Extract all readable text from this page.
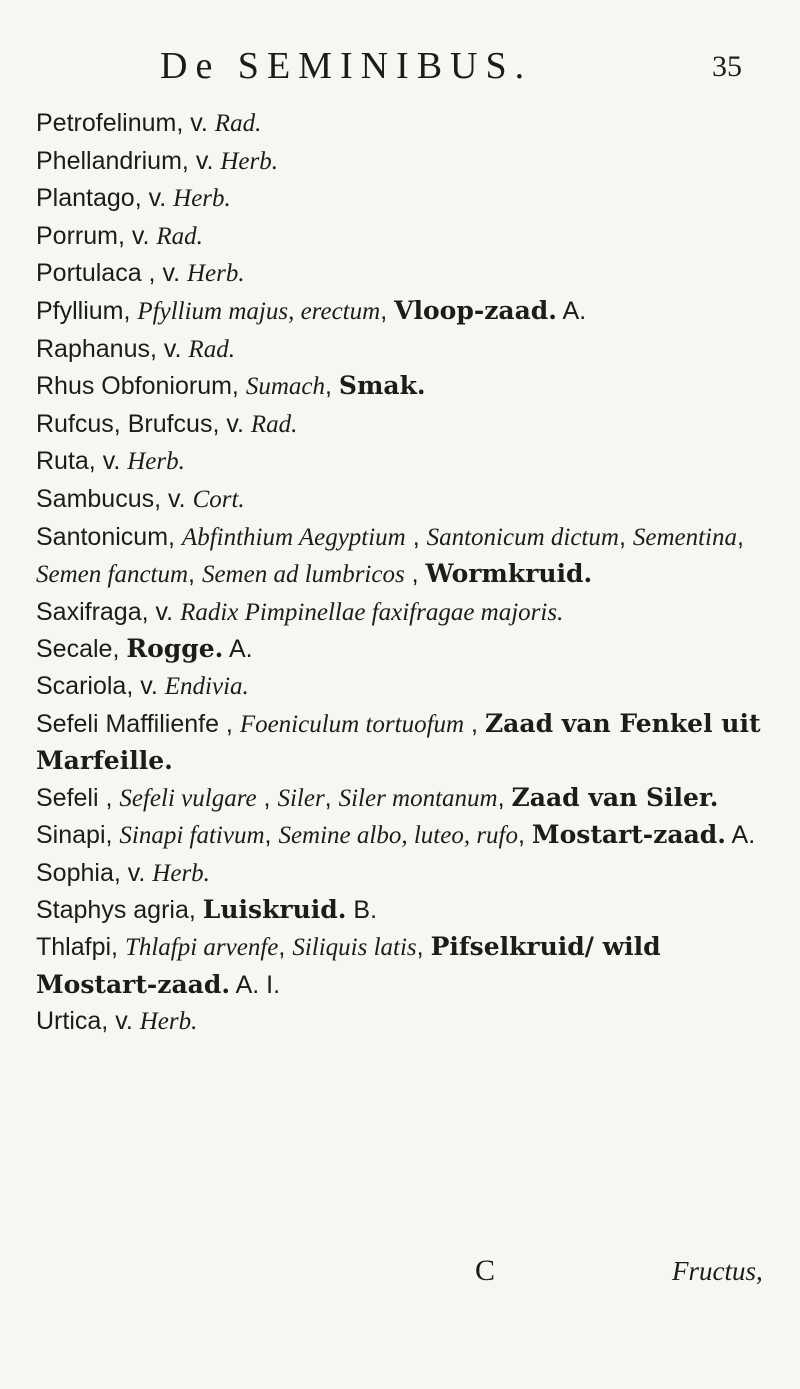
De SEMINIBUS.	35
Petrofelinum, v. Rad.
Phellandrium, v. Herb.
Plantago, v. Herb.
Porrum, v. Rad.
Portulaca , v. Herb.
Pfyllium, Pfyllium majus, erectum, Vloop-zaad. A.
Raphanus, v. Rad.
Rhus Obfoniorum, Sumach, Smak.
Rufcus, Brufcus, v. Rad.
Ruta, v. Herb.
Sambucus, v. Cort.
Santonicum, Abfinthium Aegyptium , Santonicum dictum, Sementina, Semen fanctum, Semen ad lumbricos , Wormkruid.
Saxifraga, v. Radix Pimpinellae faxifragae majoris.
Secale, Rogge. A.
Scariola, v. Endivia.
Sefeli Maffilienfe , Foeniculum tortuofum , Zaad van Fenkel uit Marfeille.
Sefeli , Sefeli vulgare , Siler, Siler montanum, Zaad van Siler.
Sinapi, Sinapi fativum, Semine albo, luteo, rufo, Mostart-zaad. A.
Sophia, v. Herb.
Staphys agria, Luiskruid. B.
Thlafpi, Thlafpi arvenfe, Siliquis latis, Pifselkruid/ wild Mostart-zaad. A. I.
Urtica, v. Herb.
C	Fructus,
